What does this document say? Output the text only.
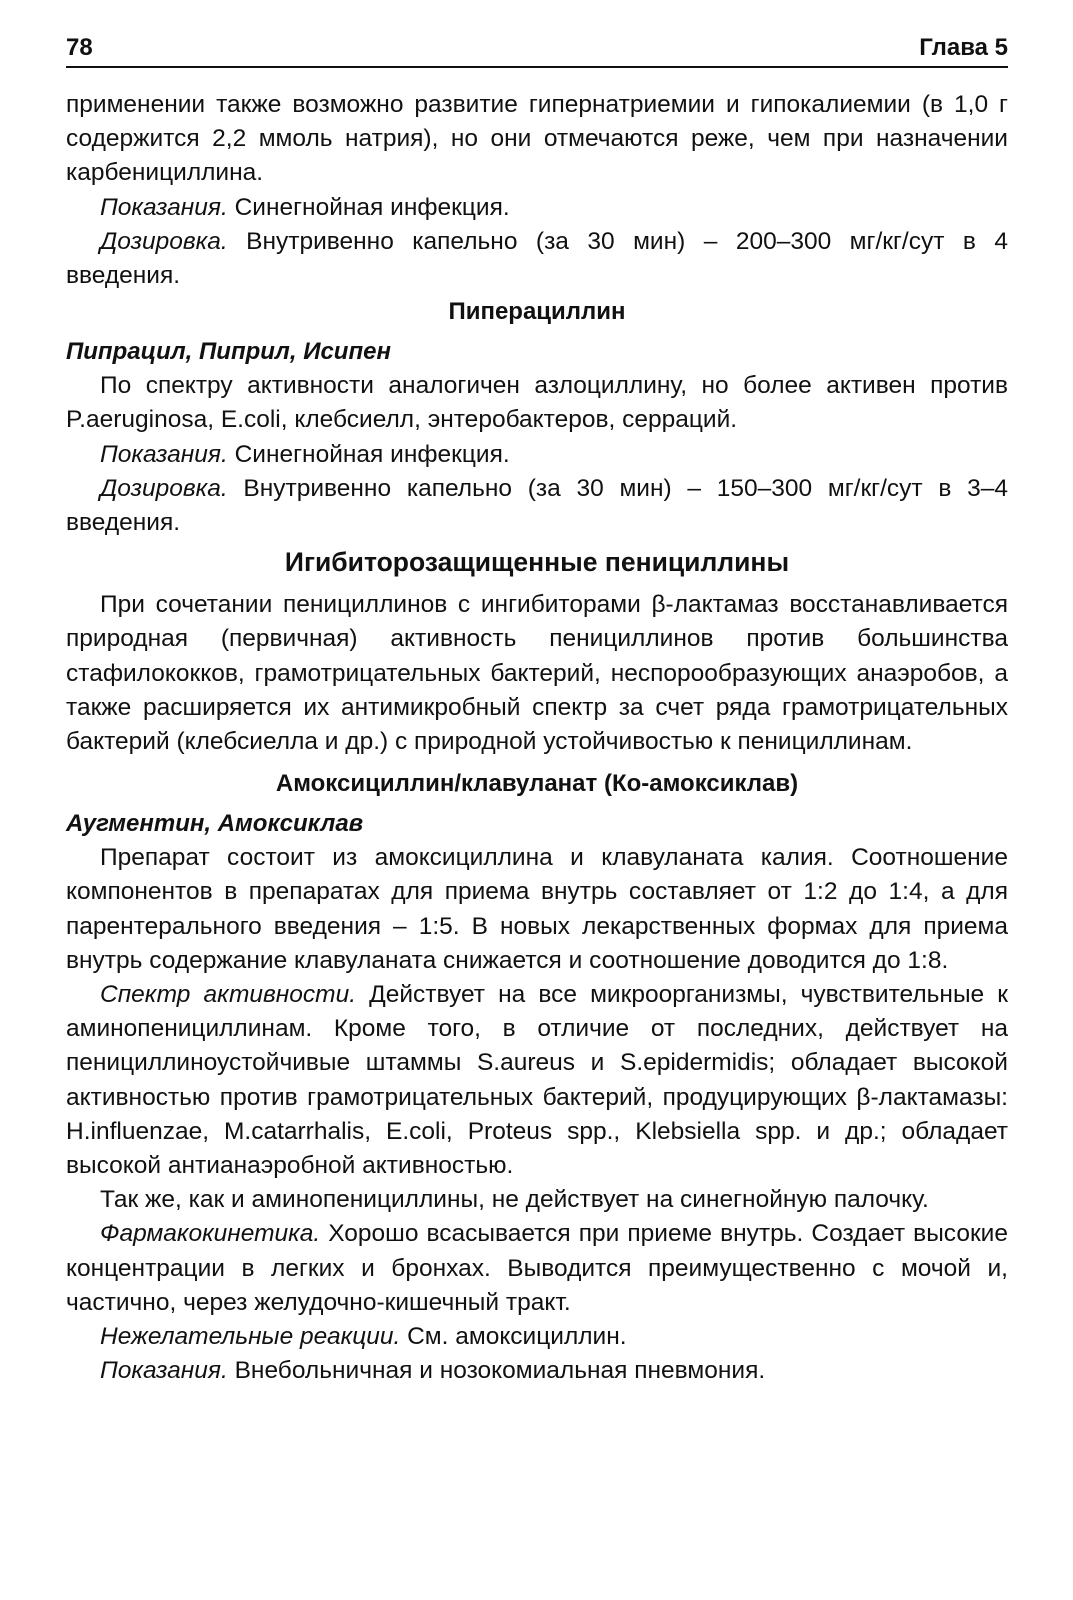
78	Глава 5

применении также возможно развитие гипернатриемии и гипокалиемии (в 1,0 г содержится 2,2 ммоль натрия), но они отмечаются реже, чем при назначении карбенициллина.

Показания. Синегнойная инфекция.

Дозировка. Внутривенно капельно (за 30 мин) – 200–300 мг/кг/сут в 4 введения.

Пиперациллин
Пипрацил, Пиприл, Исипен

По спектру активности аналогичен азлоциллину, но более активен против P.aeruginosa, E.coli, клебсиелл, энтеробактеров, серраций.

Показания. Синегнойная инфекция.

Дозировка. Внутривенно капельно (за 30 мин) – 150–300 мг/кг/сут в 3–4 введения.

Игибиторозащищенные пенициллины

При сочетании пенициллинов с ингибиторами β-лактамаз восстанавливается природная (первичная) активность пенициллинов против большинства стафилококков, грамотрицательных бактерий, неспорообразующих анаэробов, а также расширяется их антимикробный спектр за счет ряда грамотрицательных бактерий (клебсиелла и др.) с природной устойчивостью к пенициллинам.

Амоксициллин/клавуланат (Ко-амоксиклав)
Аугментин, Амоксиклав

Препарат состоит из амоксициллина и клавуланата калия. Соотношение компонентов в препаратах для приема внутрь составляет от 1:2 до 1:4, а для парентерального введения – 1:5. В новых лекарственных формах для приема внутрь содержание клавуланата снижается и соотношение доводится до 1:8.

Спектр активности. Действует на все микроорганизмы, чувствительные к аминопенициллинам. Кроме того, в отличие от последних, действует на пенициллиноустойчивые штаммы S.aureus и S.epidermidis; обладает высокой активностью против грамотрицательных бактерий, продуцирующих β-лактамазы: H.influenzae, M.catarrhalis, E.coli, Proteus spp., Klebsiella spp. и др.; обладает высокой антианаэробной активностью.

Так же, как и аминопенициллины, не действует на синегнойную палочку.

Фармакокинетика. Хорошо всасывается при приеме внутрь. Создает высокие концентрации в легких и бронхах. Выводится преимущественно с мочой и, частично, через желудочно-кишечный тракт.

Нежелательные реакции. См. амоксициллин.

Показания. Внебольничная и нозокомиальная пневмония.
